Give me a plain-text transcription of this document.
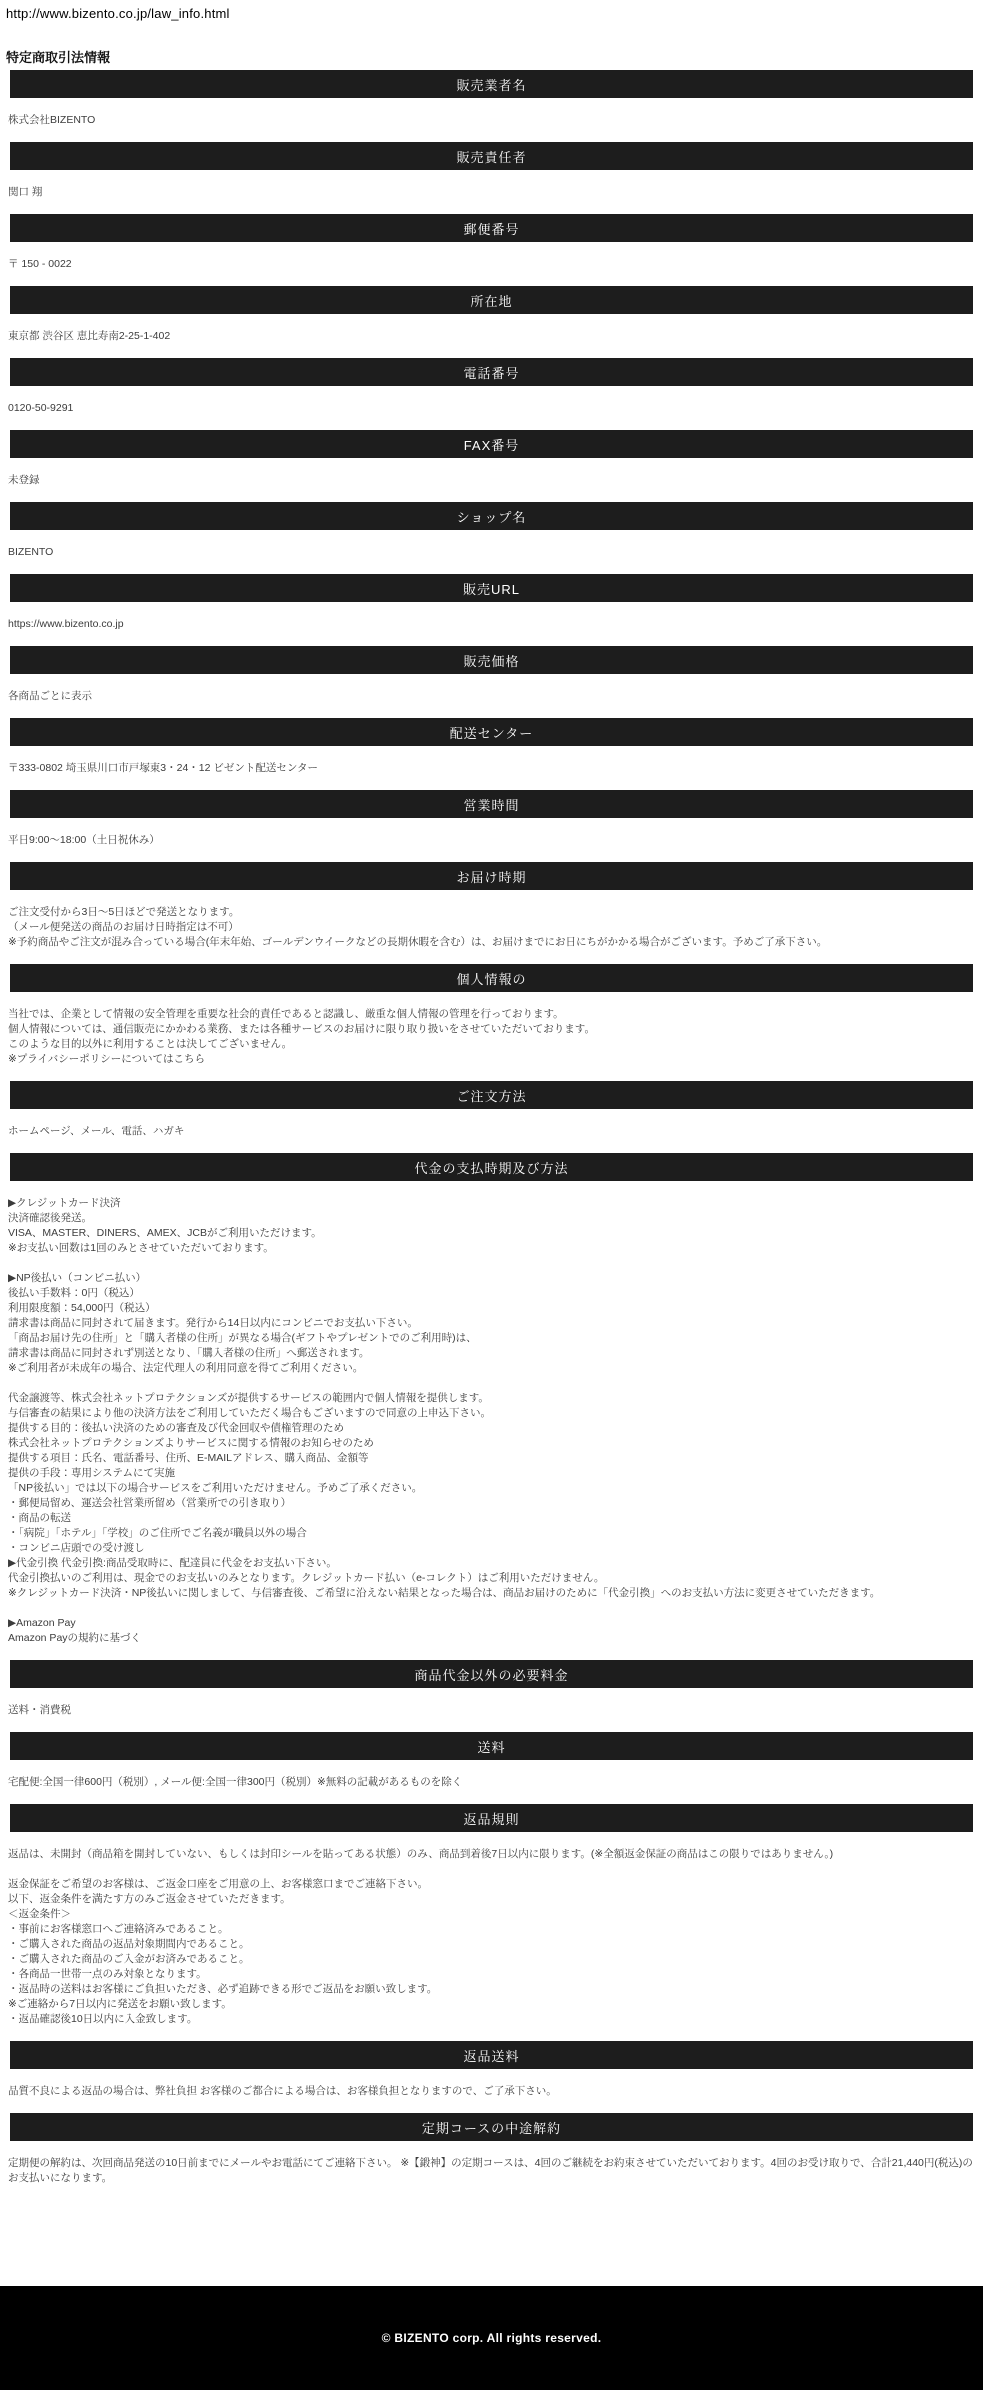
http://www.bizento.co.jp/law_info.html
特定商取引法情報
販売業者名
株式会社BIZENTO
販売責任者
関口 翔
郵便番号
〒 150 - 0022
所在地
東京都 渋谷区 恵比寿南2-25-1-402
電話番号
0120-50-9291
FAX番号
未登録
ショップ名
BIZENTO
販売URL
https://www.bizento.co.jp
販売価格
各商品ごとに表示
配送センター
〒333-0802 埼玉県川口市戸塚東3・24・12 ビゼント配送センター
営業時間
平日9:00～18:00（土日祝休み）
お届け時期
ご注文受付から3日～5日ほどで発送となります。
（メール便発送の商品のお届け日時指定は不可）
※予約商品やご注文が混み合っている場合(年末年始、ゴールデンウイークなどの長期休暇を含む）は、お届けまでにお日にちがかかる場合がございます。予めご了承下さい。
個人情報の
当社では、企業として情報の安全管理を重要な社会的責任であると認識し、厳重な個人情報の管理を行っております。
個人情報については、通信販売にかかわる業務、または各種サービスのお届けに限り取り扱いをさせていただいております。
このような目的以外に利用することは決してございません。
※プライバシーポリシーについてはこちら
ご注文方法
ホームページ、メール、電話、ハガキ
代金の支払時期及び方法
▶クレジットカード決済
決済確認後発送。
VISA、MASTER、DINERS、AMEX、JCBがご利用いただけます。
※お支払い回数は1回のみとさせていただいております。

▶NP後払い（コンビニ払い）
後払い手数料：0円（税込）
利用限度額：54,000円（税込）
請求書は商品に同封されて届きます。発行から14日以内にコンビニでお支払い下さい。
「商品お届け先の住所」と「購入者様の住所」が異なる場合(ギフトやプレゼントでのご利用時)は、
請求書は商品に同封されず別送となり、「購入者様の住所」へ郵送されます。
※ご利用者が未成年の場合、法定代理人の利用同意を得てご利用ください。

代金譲渡等、株式会社ネットプロテクションズが提供するサービスの範囲内で個人情報を提供します。
与信審査の結果により他の決済方法をご利用していただく場合もございますので同意の上申込下さい。
提供する目的：後払い決済のための審査及び代金回収や債権管理のため
株式会社ネットプロテクションズよりサービスに関する情報のお知らせのため
提供する項目：氏名、電話番号、住所、E-MAILアドレス、購入商品、金額等
提供の手段：専用システムにて実施
「NP後払い」では以下の場合サービスをご利用いただけません。予めご了承ください。
・郵便局留め、運送会社営業所留め（営業所での引き取り）
・商品の転送
・「病院」「ホテル」「学校」のご住所でご名義が職員以外の場合
・コンビニ店頭での受け渡し
▶代金引換 代金引換:商品受取時に、配達員に代金をお支払い下さい。
代金引換払いのご利用は、現金でのお支払いのみとなります。クレジットカード払い（e-コレクト）はご利用いただけません。
※クレジットカード決済・NP後払いに関しまして、与信審査後、ご希望に沿えない結果となった場合は、商品お届けのために「代金引換」へのお支払い方法に変更させていただきます。

▶Amazon Pay
Amazon Payの規約に基づく
商品代金以外の必要料金
送料・消費税
送料
宅配便:全国一律600円（税別）, メール便:全国一律300円（税別）※無料の記載があるものを除く
返品規則
返品は、未開封（商品箱を開封していない、もしくは封印シールを貼ってある状態）のみ、商品到着後7日以内に限ります。(※全額返金保証の商品はこの限りではありません。)

返金保証をご希望のお客様は、ご返金口座をご用意の上、お客様窓口までご連絡下さい。
以下、返金条件を満たす方のみご返金させていただきます。
＜返金条件＞
・事前にお客様窓口へご連絡済みであること。
・ご購入された商品の返品対象期間内であること。
・ご購入された商品のご入金がお済みであること。
・各商品一世帯一点のみ対象となります。
・返品時の送料はお客様にご負担いただき、必ず追跡できる形でご返品をお願い致します。
※ご連絡から7日以内に発送をお願い致します。
・返品確認後10日以内に入金致します。
返品送料
品質不良による返品の場合は、弊社負担 お客様のご都合による場合は、お客様負担となりますので、ご了承下さい。
定期コースの中途解約
定期便の解約は、次回商品発送の10日前までにメールやお電話にてご連絡下さい。 ※【鍛神】の定期コースは、4回のご継続をお約束させていただいております。4回のお受け取りで、合計21,440円(税込)のお支払いになります。
© BIZENTO corp. All rights reserved.
